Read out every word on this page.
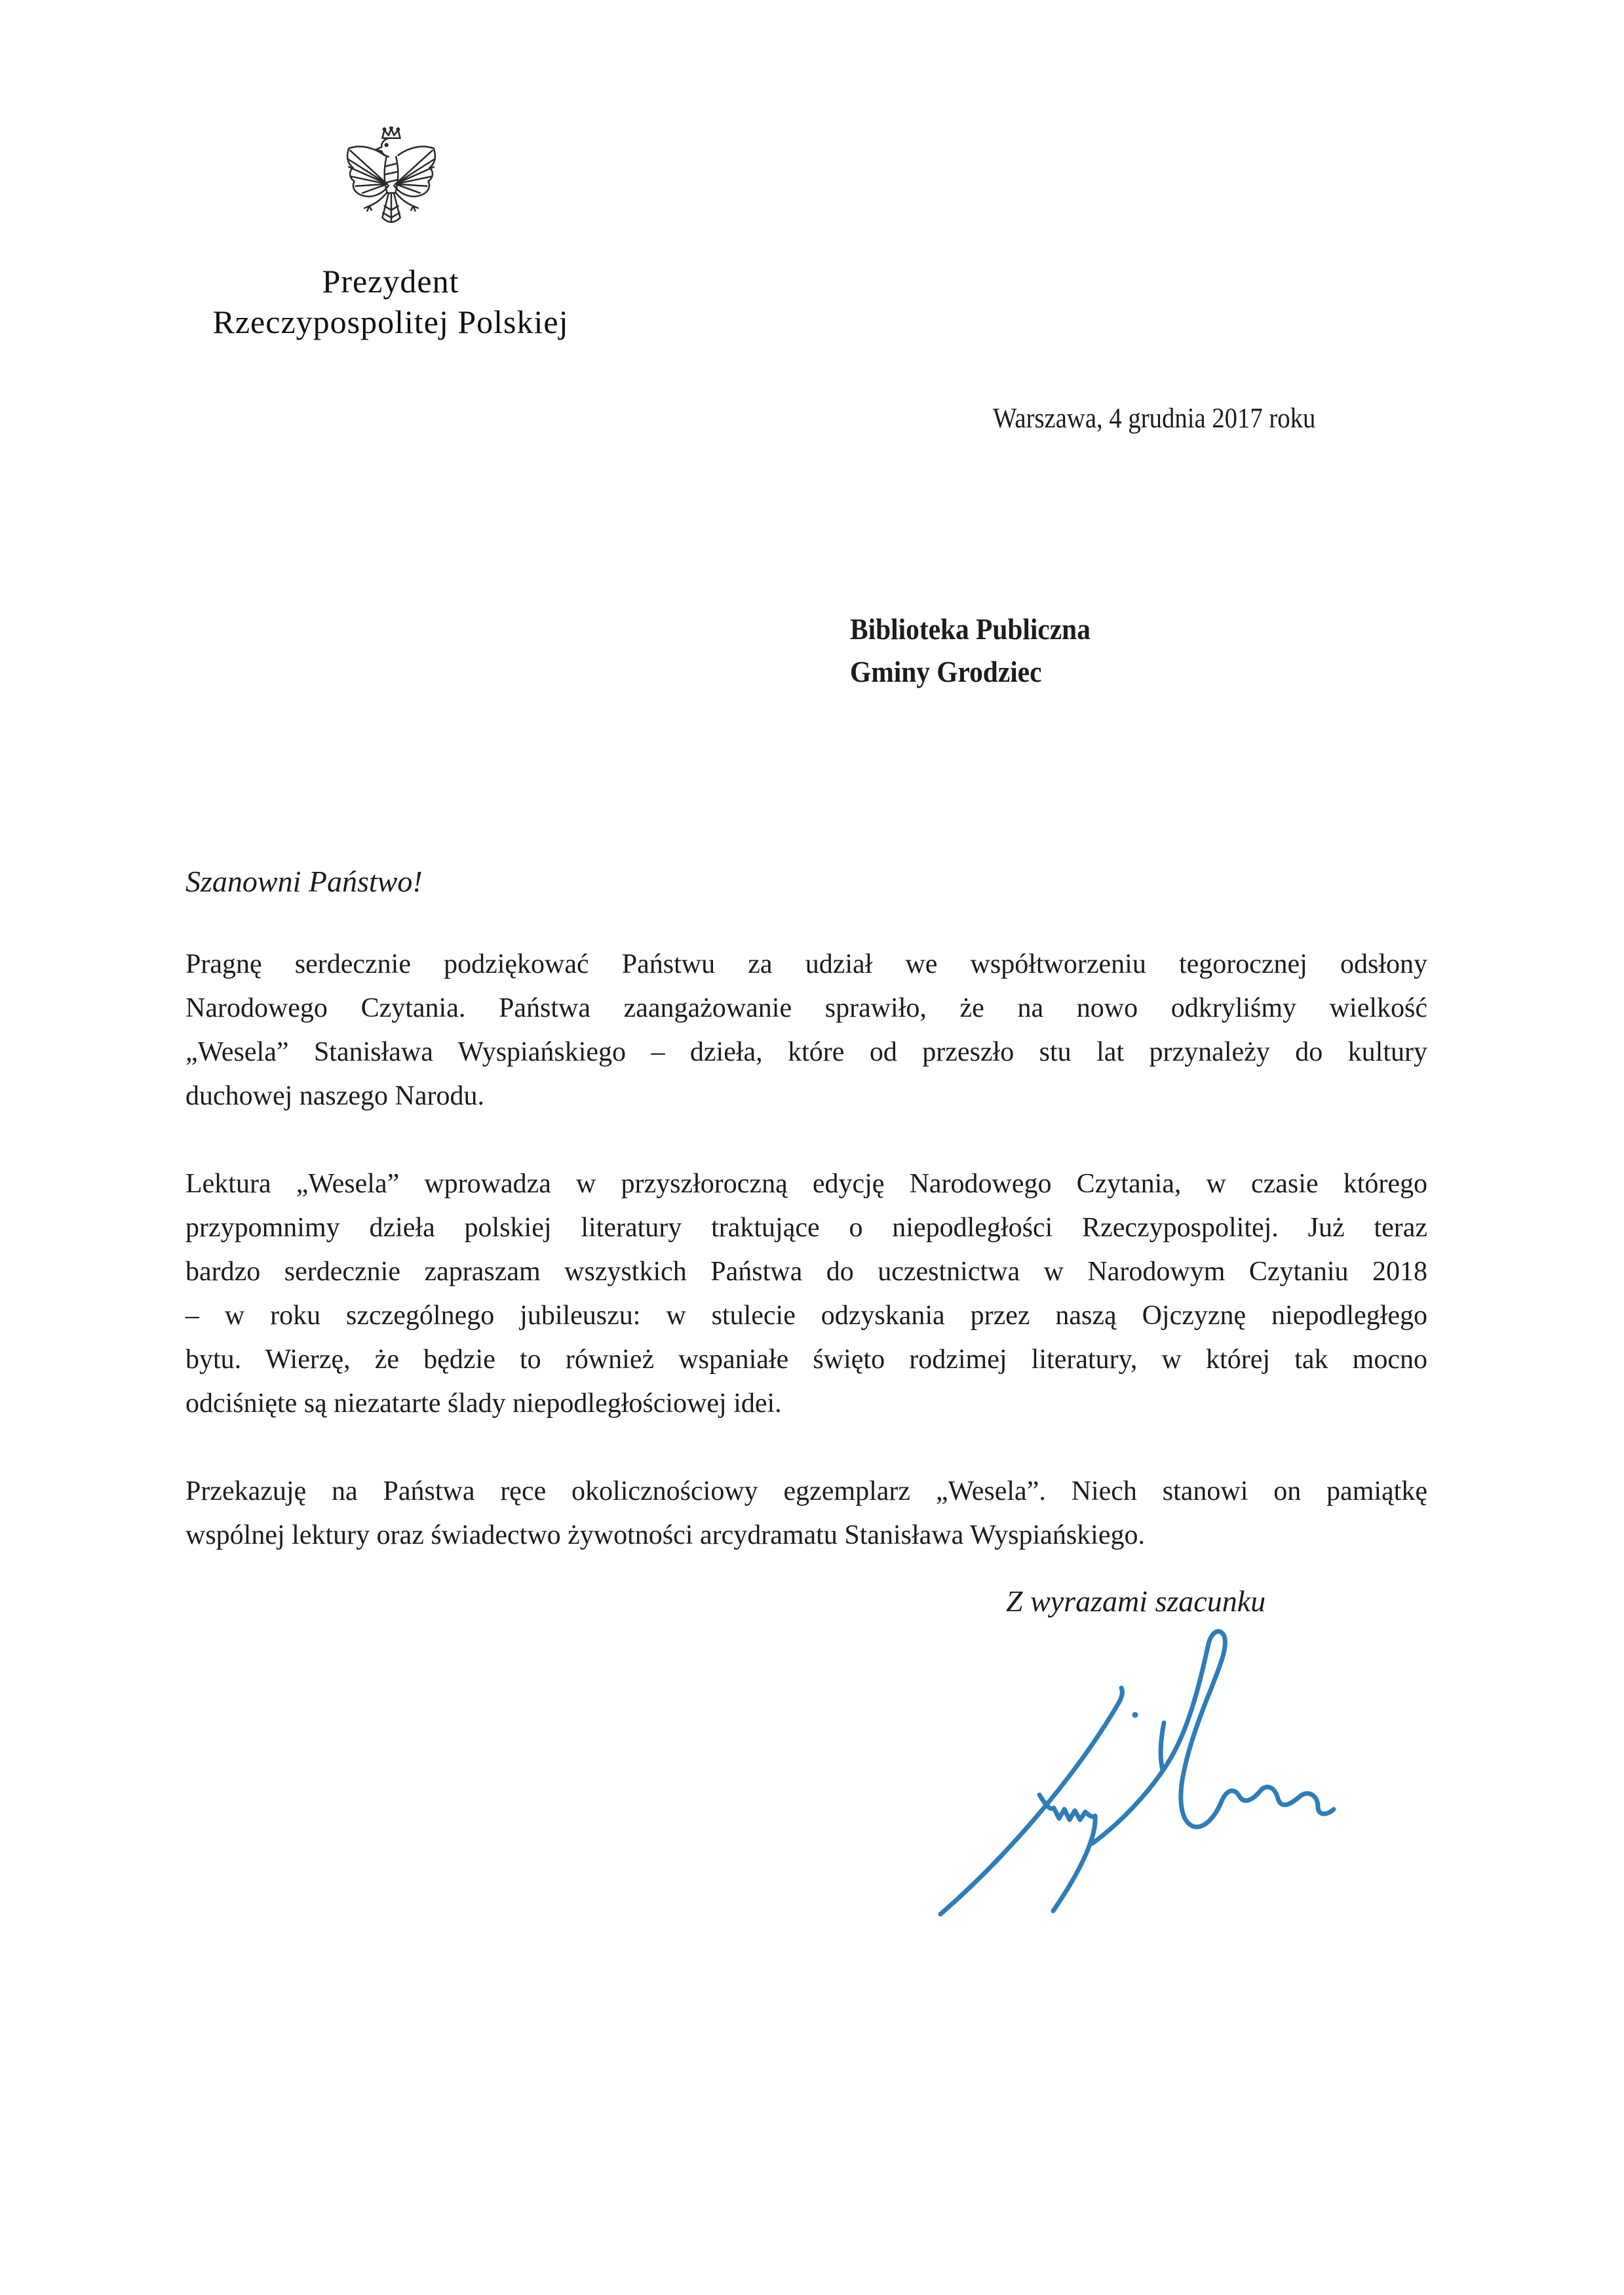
Prezydent
Rzeczypospolitej Polskiej
Warszawa, 4 grudnia 2017 roku
Biblioteka Publiczna
Gminy Grodziec
Szanowni Państwo!
Pragnę serdecznie podziękować Państwu za udział we współtworzeniu tegorocznej odsłony
Narodowego Czytania. Państwa zaangażowanie sprawiło, że na nowo odkryliśmy wielkość
„Wesela” Stanisława Wyspiańskiego – dzieła, które od przeszło stu lat przynależy do kultury
duchowej naszego Narodu.
Lektura „Wesela” wprowadza w przyszłoroczną edycję Narodowego Czytania, w czasie którego
przypomnimy dzieła polskiej literatury traktujące o niepodległości Rzeczypospolitej. Już teraz
bardzo serdecznie zapraszam wszystkich Państwa do uczestnictwa w Narodowym Czytaniu 2018
– w roku szczególnego jubileuszu: w stulecie odzyskania przez naszą Ojczyznę niepodległego
bytu. Wierzę, że będzie to również wspaniałe święto rodzimej literatury, w której tak mocno
odciśnięte są niezatarte ślady niepodległościowej idei.
Przekazuję na Państwa ręce okolicznościowy egzemplarz „Wesela”. Niech stanowi on pamiątkę
wspólnej lektury oraz świadectwo żywotności arcydramatu Stanisława Wyspiańskiego.
Z wyrazami szacunku
